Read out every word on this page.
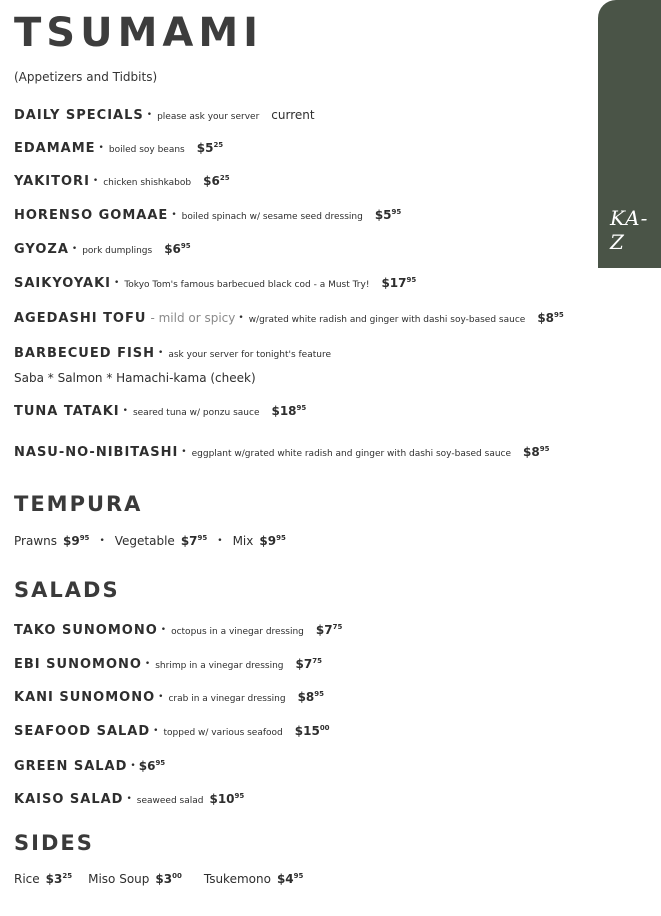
KA-Z
TSUMAMI
(Appetizers and Tidbits)
DAILY SPECIALS • please ask your server current
EDAMAME • boiled soy beans $\$5^{25}$
YAKITORI • chicken shishkabob $\$6^{25}$
HORENSO GOMAAE • boiled spinach w/ sesame seed dressing $\$5^{95}$
GYOZA • pork dumplings $\$6^{95}$
SAIKYOYAKI • Tokyo Tom's famous barbecued black cod - a Must Try! $\$17^{95}$
AGEDASHI TOFU - mild or spicy • w/grated white radish and ginger with dashi soy-based sauce $\$8^{95}$
BARBECUED FISH • ask your server for tonight's feature
Saba * Salmon * Hamachi-kama (cheek)
TUNA TATAKI • seared tuna w/ ponzu sauce $\$18^{95}$
NASU-NO-NIBITASHI • eggplant w/grated white radish and ginger with dashi soy-based sauce $\$8^{95}$
TEMPURA
Prawns $\$9^{95}$ • Vegetable $\$7^{95}$ • Mix $\$9^{95}$
SALADS
TAKO SUNOMONO • octopus in a vinegar dressing $\$7^{75}$
EBI SUNOMONO • shrimp in a vinegar dressing $\$7^{75}$
KANI SUNOMONO • crab in a vinegar dressing $\$8^{95}$
SEAFOOD SALAD • topped w/ various seafood $\$15^{00}$
GREEN SALAD • $\$6^{95}$
KAISO SALAD • seaweed salad $\$10^{95}$
SIDES
Rice $\$3^{25}$ Miso Soup $\$3^{00}$ Tsukemono $\$4^{95}$
